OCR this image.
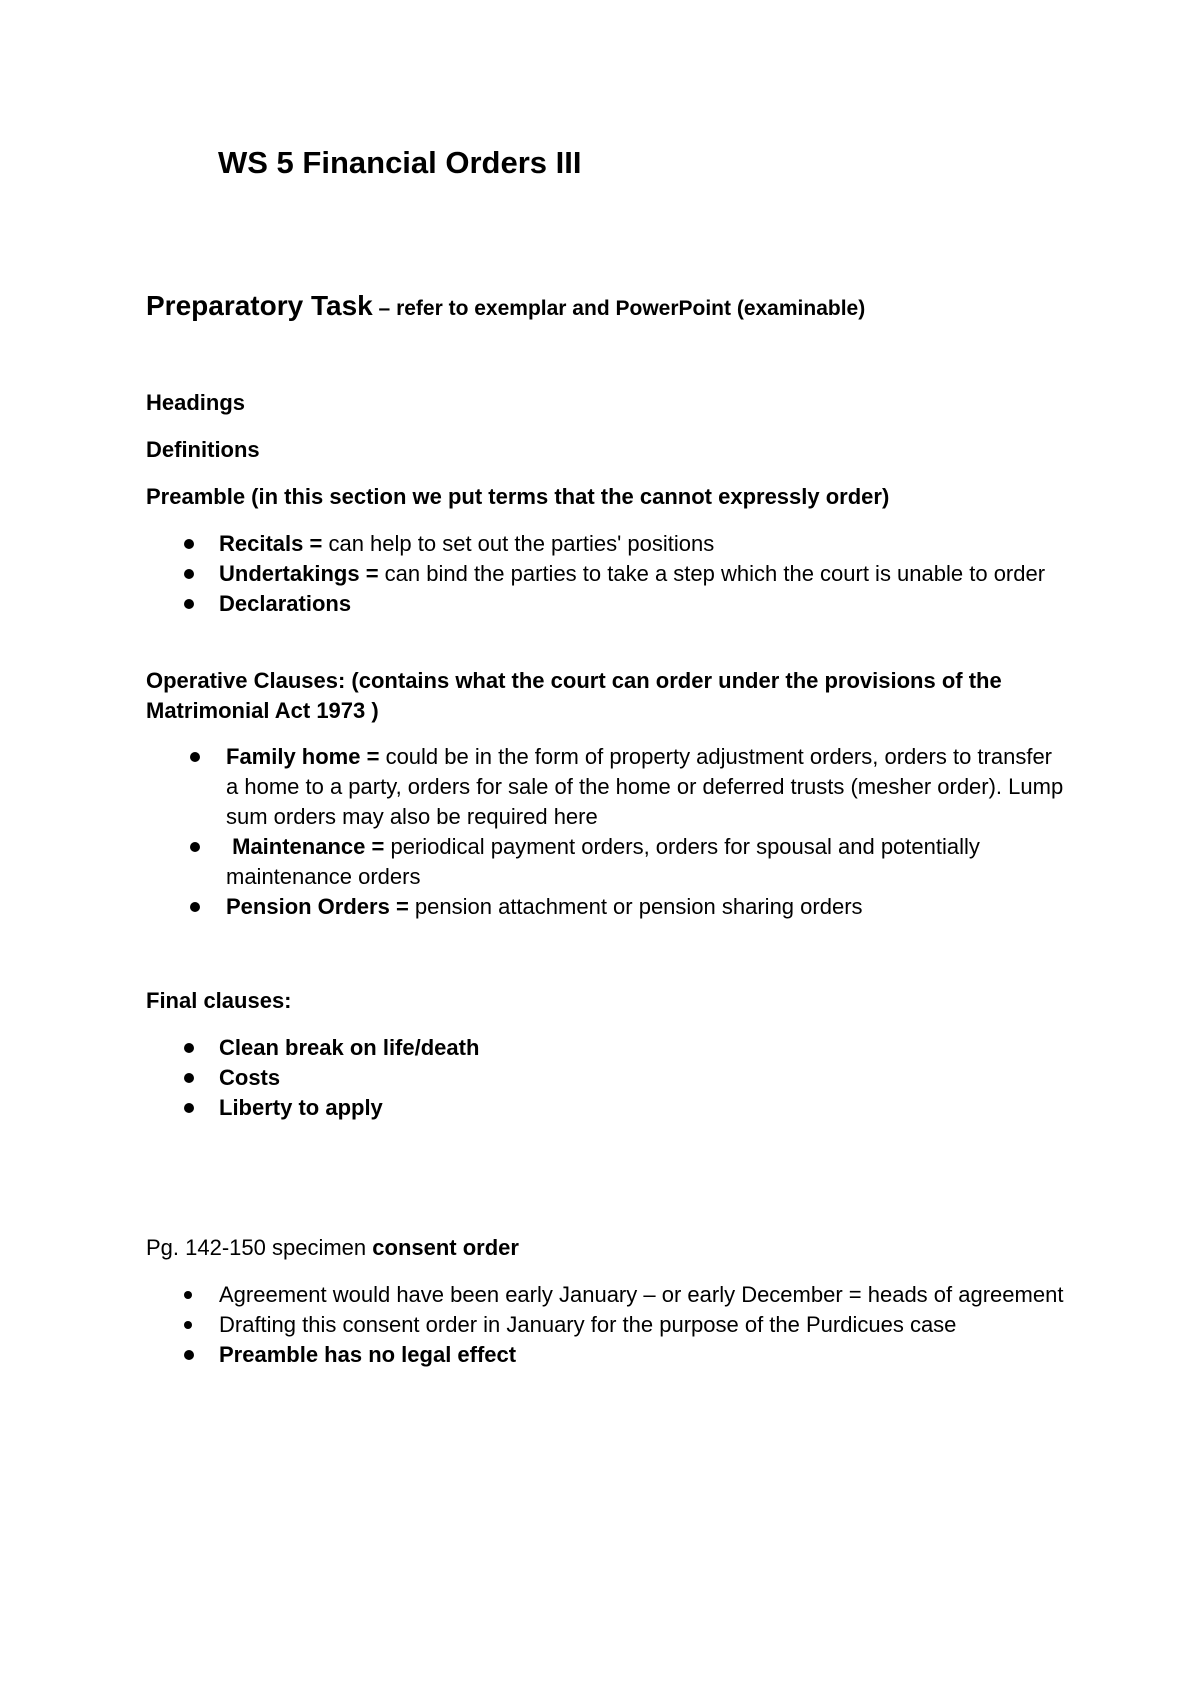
WS 5 Financial Orders III

Preparatory Task – refer to exemplar and PowerPoint (examinable)

Headings

Definitions

Preamble (in this section we put terms that the cannot expressly order)

Recitals = can help to set out the parties' positions
Undertakings = can bind the parties to take a step which the court is unable to order
Declarations

Operative Clauses: (contains what the court can order under the provisions of the Matrimonial Act 1973 )

Family home = could be in the form of property adjustment orders, orders to transfer a home to a party, orders for sale of the home or deferred trusts (mesher order). Lump sum orders may also be required here
Maintenance = periodical payment orders, orders for spousal and potentially maintenance orders
Pension Orders = pension attachment or pension sharing orders

Final clauses:

Clean break on life/death
Costs
Liberty to apply

Pg. 142-150 specimen consent order

Agreement would have been early January – or early December = heads of agreement
Drafting this consent order in January for the purpose of the Purdicues case
Preamble has no legal effect
